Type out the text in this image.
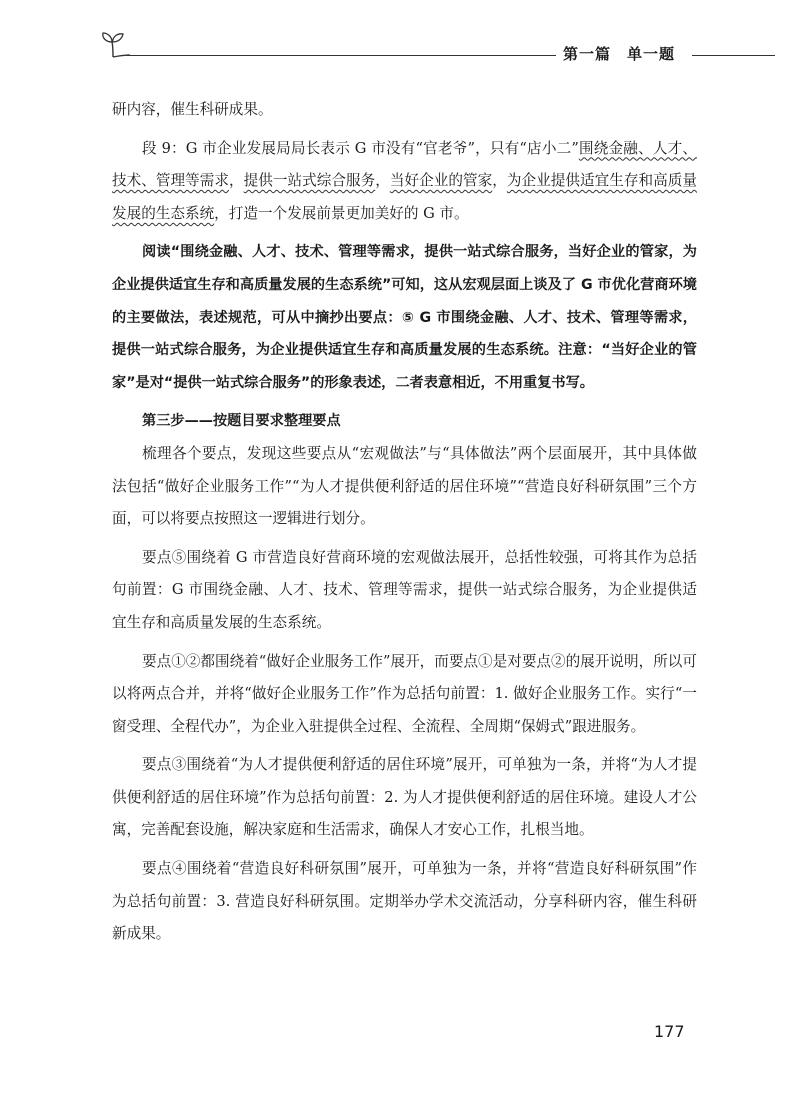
第一篇　单一题

研内容，催生科研成果。

段 9：G 市企业发展局局长表示 G 市没有“官老爷”，只有“店小二”围绕金融、人才、技术、管理等需求，提供一站式综合服务，当好企业的管家，为企业提供适宜生存和高质量发展的生态系统，打造一个发展前景更加美好的 G 市。

阅读“围绕金融、人才、技术、管理等需求，提供一站式综合服务，当好企业的管家，为企业提供适宜生存和高质量发展的生态系统”可知，这从宏观层面上谈及了 G 市优化营商环境的主要做法，表述规范，可从中摘抄出要点：⑤ G 市围绕金融、人才、技术、管理等需求，提供一站式综合服务，为企业提供适宜生存和高质量发展的生态系统。注意：“当好企业的管家”是对“提供一站式综合服务”的形象表述，二者表意相近，不用重复书写。

第三步——按题目要求整理要点

梳理各个要点，发现这些要点从“宏观做法”与“具体做法”两个层面展开，其中具体做法包括“做好企业服务工作”“为人才提供便利舒适的居住环境”“营造良好科研氛围”三个方面，可以将要点按照这一逻辑进行划分。

要点⑤围绕着 G 市营造良好营商环境的宏观做法展开，总括性较强，可将其作为总括句前置：G 市围绕金融、人才、技术、管理等需求，提供一站式综合服务，为企业提供适宜生存和高质量发展的生态系统。

要点①②都围绕着“做好企业服务工作”展开，而要点①是对要点②的展开说明，所以可以将两点合并，并将“做好企业服务工作”作为总括句前置：1. 做好企业服务工作。实行“一窗受理、全程代办”，为企业入驻提供全过程、全流程、全周期“保姆式”跟进服务。

要点③围绕着“为人才提供便利舒适的居住环境”展开，可单独为一条，并将“为人才提供便利舒适的居住环境”作为总括句前置：2. 为人才提供便利舒适的居住环境。建设人才公寓，完善配套设施，解决家庭和生活需求，确保人才安心工作，扎根当地。

要点④围绕着“营造良好科研氛围”展开，可单独为一条，并将“营造良好科研氛围”作为总括句前置：3. 营造良好科研氛围。定期举办学术交流活动，分享科研内容，催生科研新成果。

177
